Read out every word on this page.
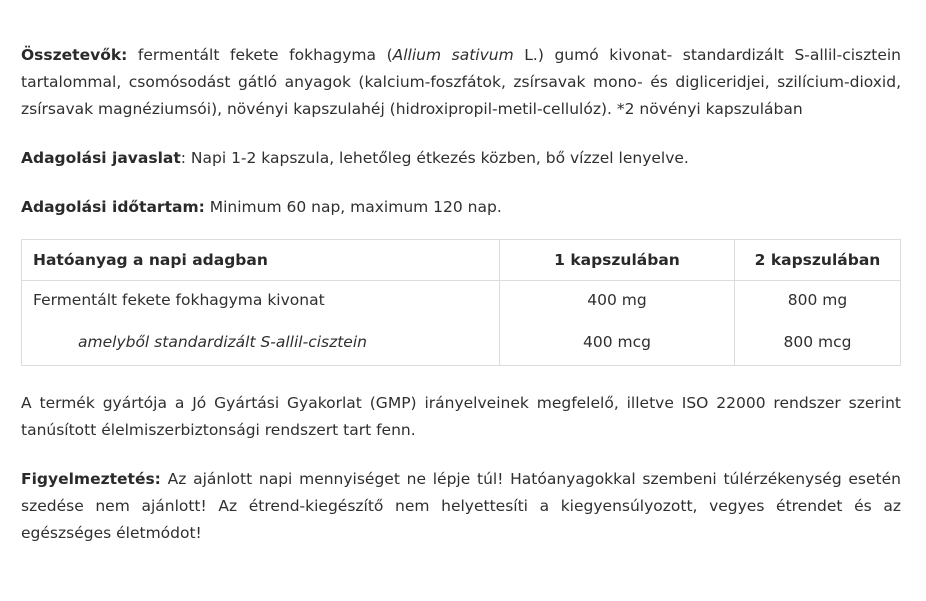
Összetevők: fermentált fekete fokhagyma (Allium sativum L.) gumó kivonat- standardizált S-allil-cisztein tartalommal, csomósodást gátló anyagok (kalcium-foszfátok, zsírsavak mono- és digliceridjei, szilícium-dioxid, zsírsavak magnéziumsói), növényi kapszulahéj (hidroxipropil-metil-cellulóz). *2 növényi kapszulában

Adagolási javaslat: Napi 1-2 kapszula, lehetőleg étkezés közben, bő vízzel lenyelve.

Adagolási időtartam: Minimum 60 nap, maximum 120 nap.

Hatóanyag a napi adagban	1 kapszulában	2 kapszulában
Fermentált fekete fokhagyma kivonat	400 mg	800 mg
amelyből standardizált S-allil-cisztein	400 mcg	800 mcg

A termék gyártója a Jó Gyártási Gyakorlat (GMP) irányelveinek megfelelő, illetve ISO 22000 rendszer szerint tanúsított élelmiszerbiztonsági rendszert tart fenn.

Figyelmeztetés: Az ajánlott napi mennyiséget ne lépje túl! Hatóanyagokkal szembeni túlérzékenység esetén szedése nem ajánlott! Az étrend-kiegészítő nem helyettesíti a kiegyensúlyozott, vegyes étrendet és az egészséges életmódot!
